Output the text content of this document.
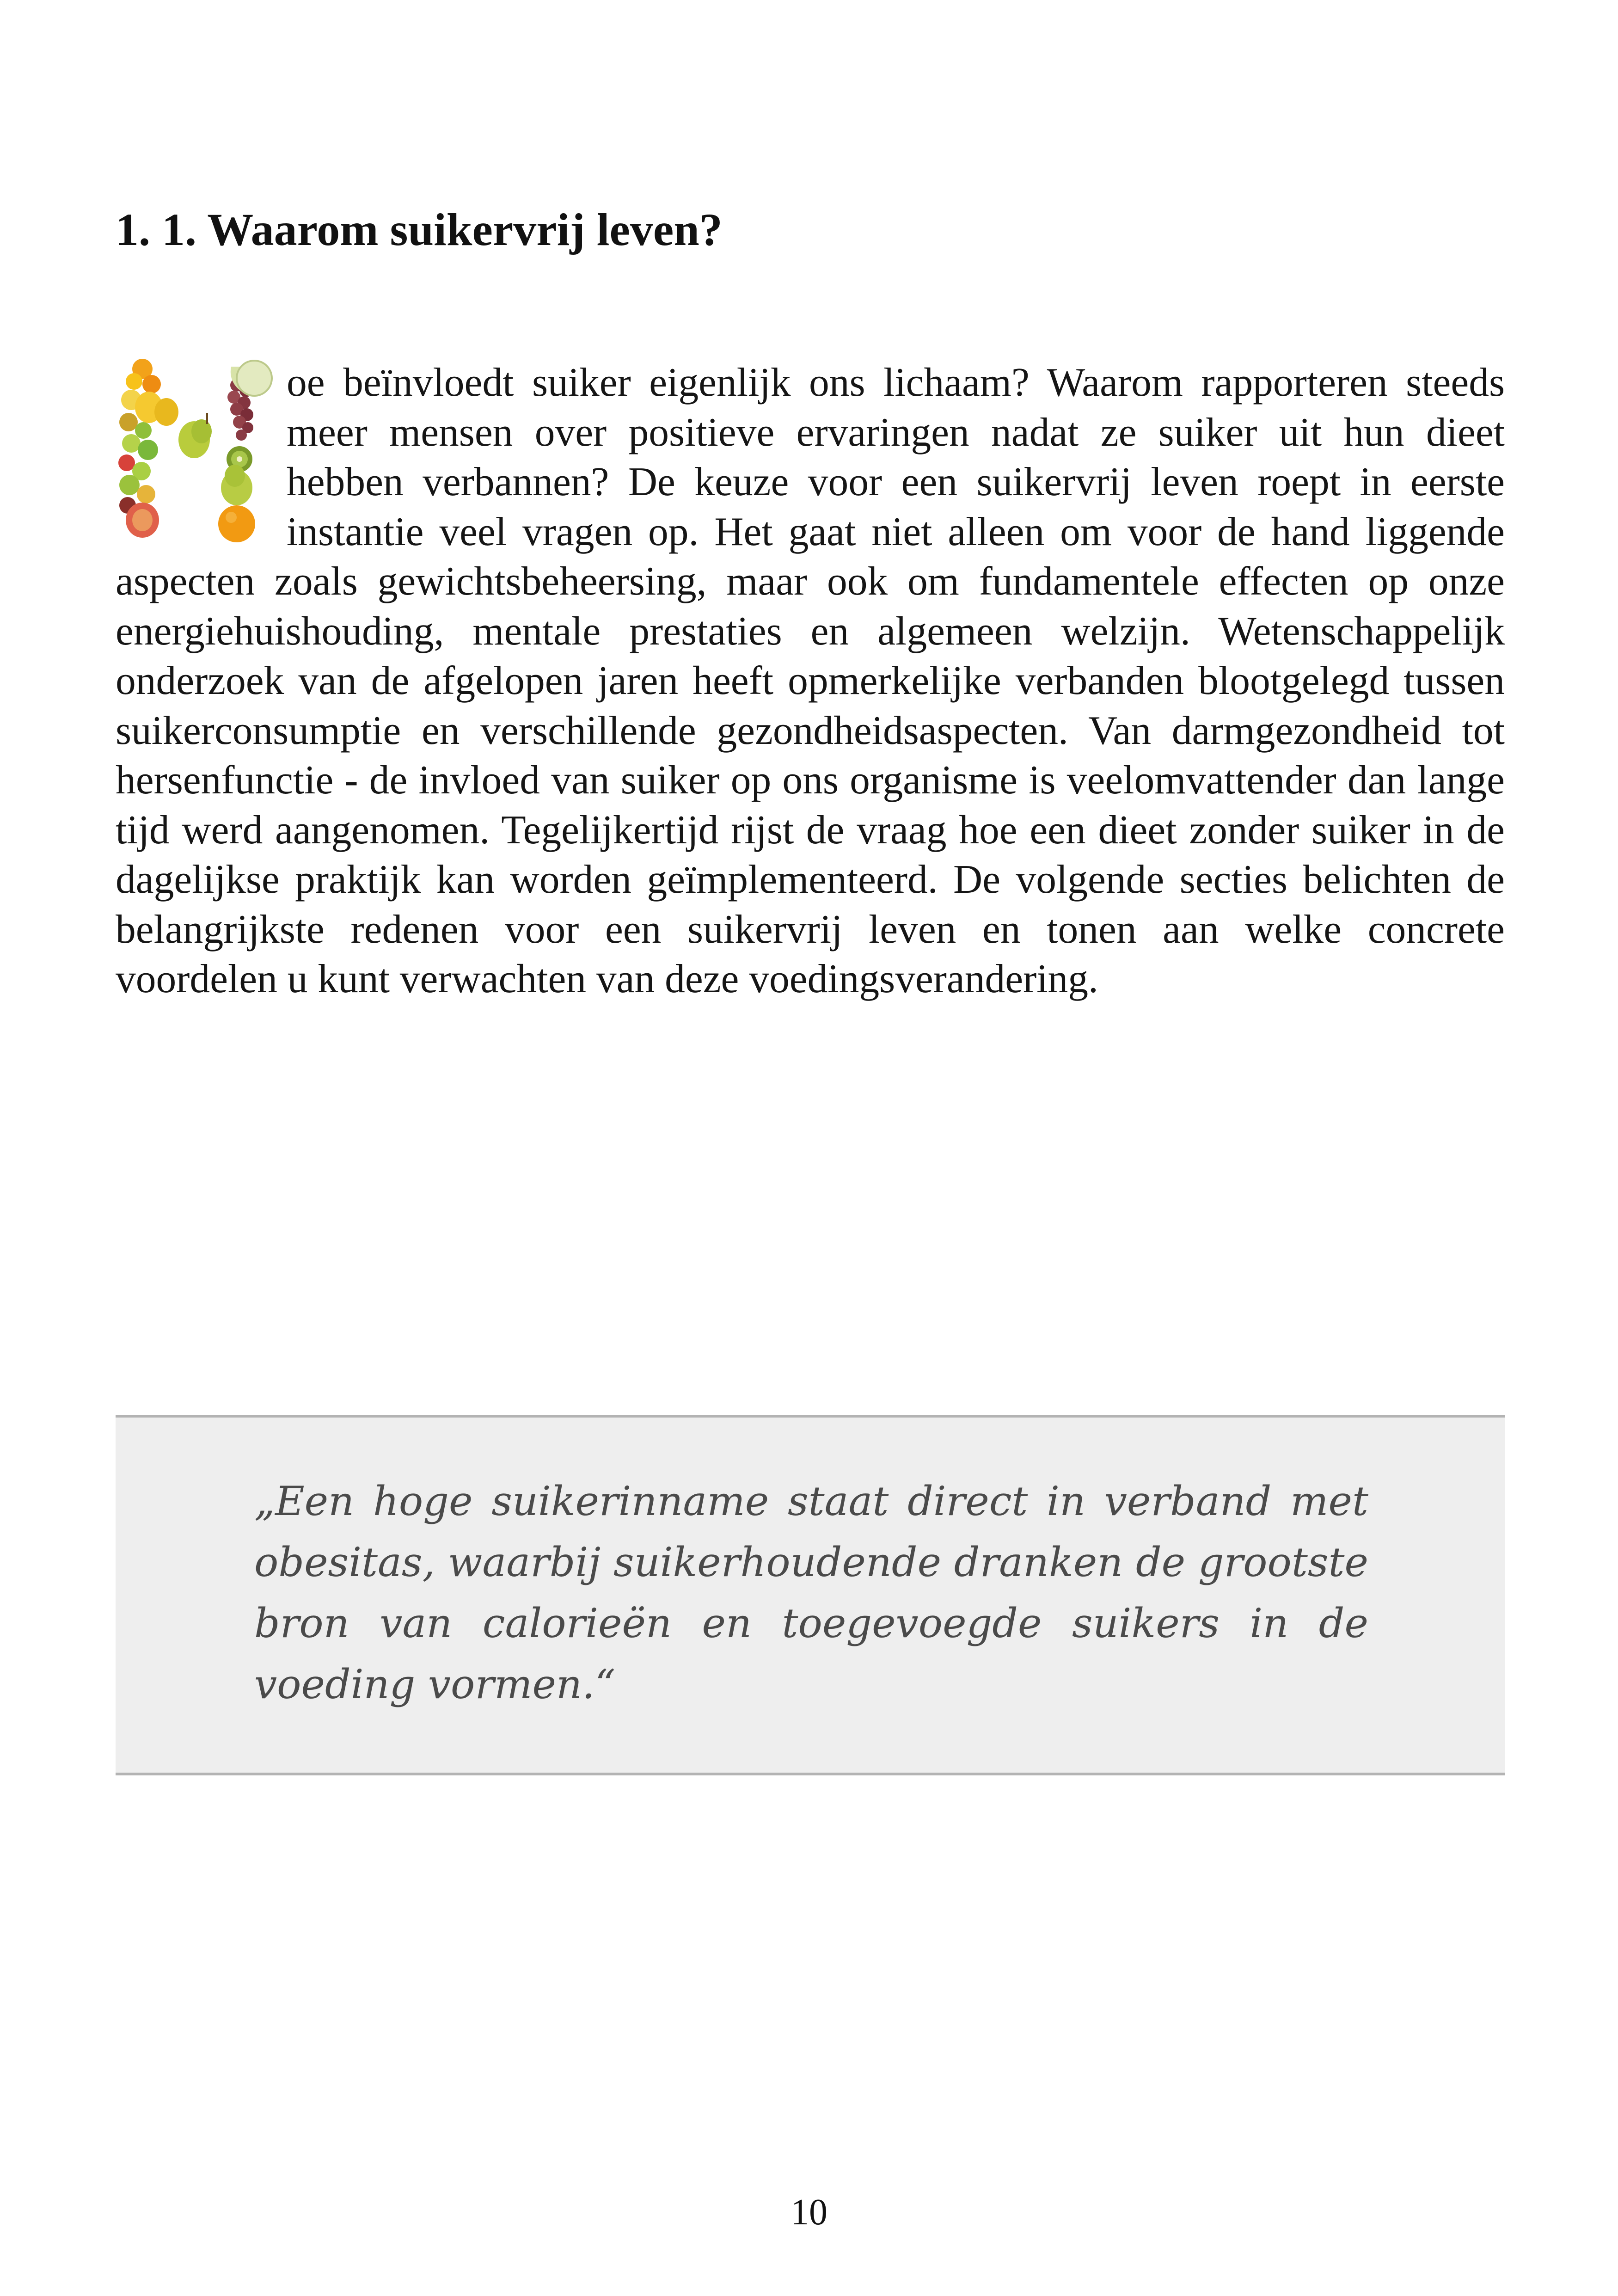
1. 1. Waarom suikervrij leven?

oe beïnvloedt suiker eigenlijk ons lichaam? Waarom rapporteren steeds meer mensen over positieve ervaringen nadat ze suiker uit hun dieet hebben verbannen? De keuze voor een suikervrij leven roept in eerste instantie veel vragen op. Het gaat niet alleen om voor de hand liggende aspecten zoals gewichtsbeheersing, maar ook om fundamentele effecten op onze energiehuishouding, mentale prestaties en algemeen welzijn. Wetenschappelijk onderzoek van de afgelopen jaren heeft opmerkelijke verbanden blootgelegd tussen suikerconsumptie en verschillende gezondheidsaspecten. Van darmgezondheid tot hersenfunctie - de invloed van suiker op ons organisme is veelomvattender dan lange tijd werd aangenomen. Tegelijkertijd rijst de vraag hoe een dieet zonder suiker in de dagelijkse praktijk kan worden geïmplementeerd. De volgende secties belichten de belangrijkste redenen voor een suikervrij leven en tonen aan welke concrete voordelen u kunt verwachten van deze voedingsverandering.

„Een hoge suikerinname staat direct in verband met obesitas, waarbij suikerhoudende dranken de grootste bron van calorieën en toegevoegde suikers in de voeding vormen.“

10
